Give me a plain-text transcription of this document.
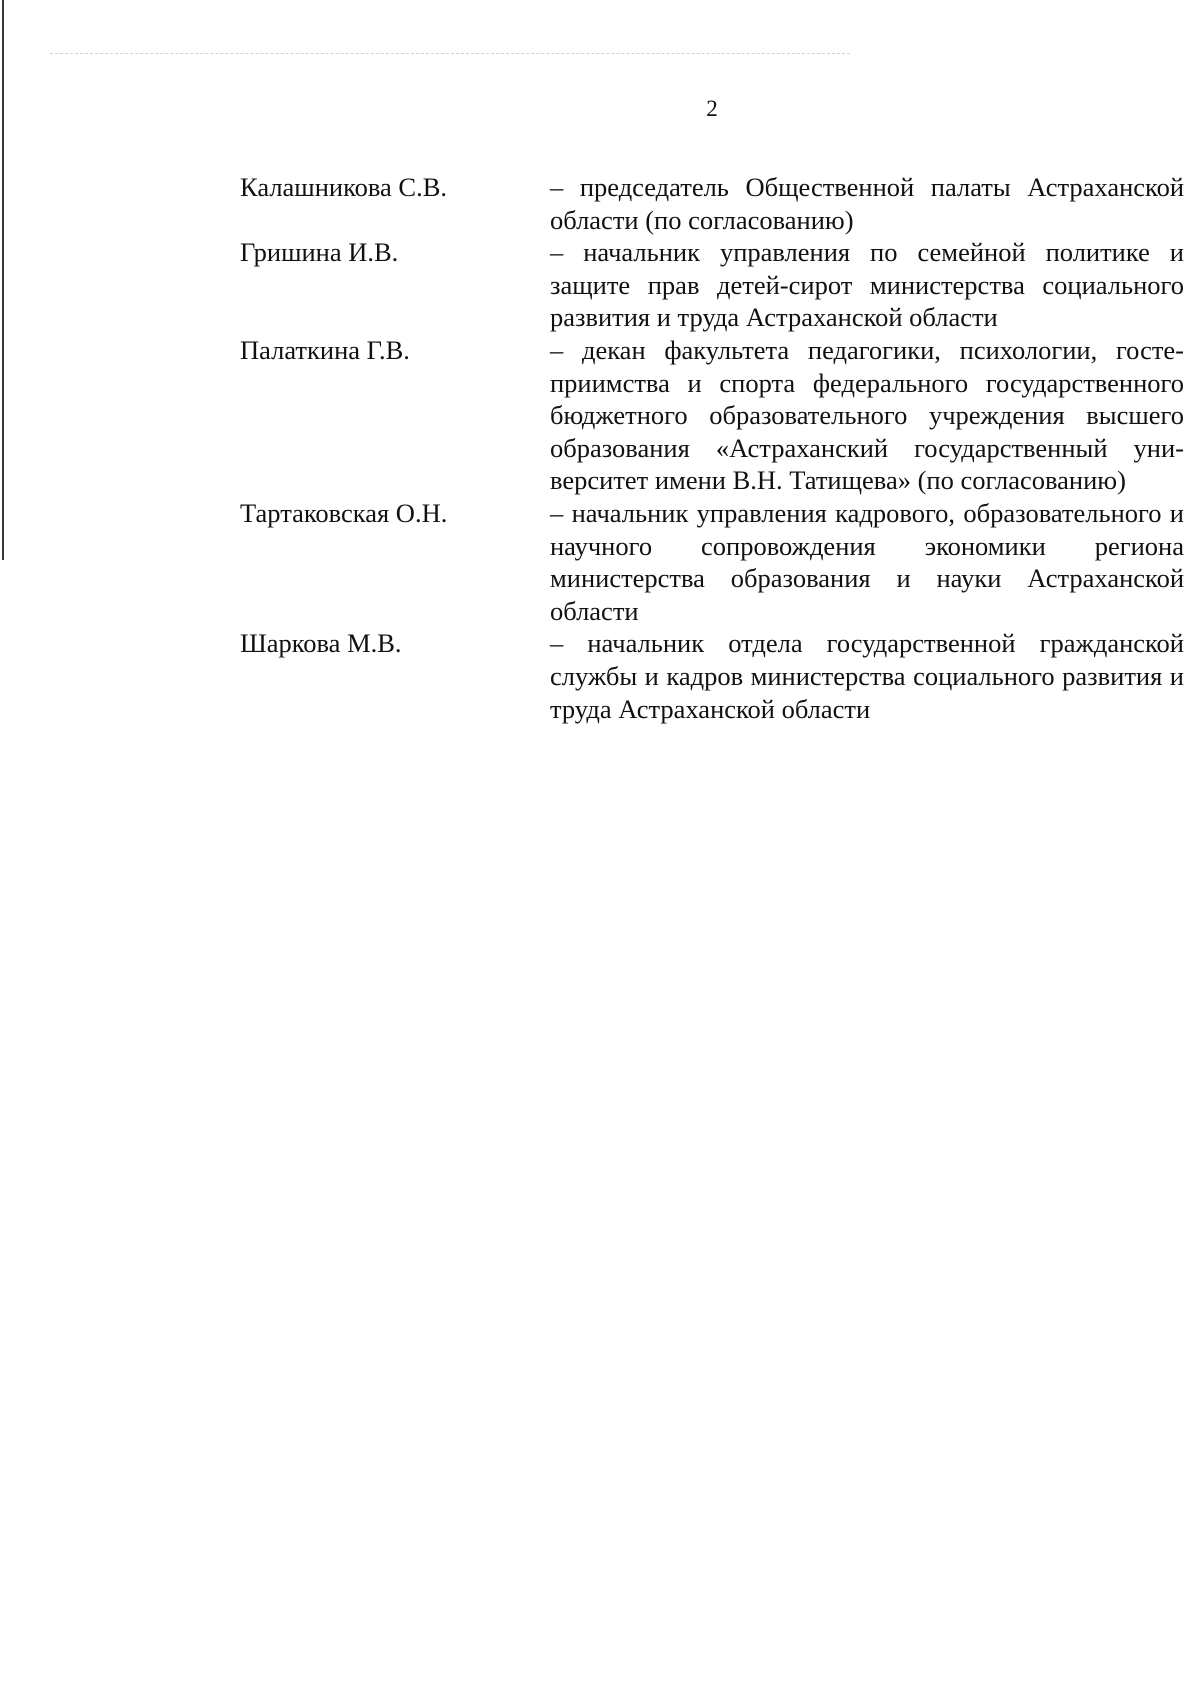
2
Калашникова С.В.	– председатель Общественной палаты Астраханской области (по согласованию)
Гришина И.В.	– начальник управления по семейной политике и защите прав детей-сирот министерства социального развития и труда Астраханской области
Палаткина Г.В.	– декан факультета педагогики, психологии, гостеприимства и спорта федерального государственного бюджетного образовательного учреждения высшего образования «Астраханский государственный университет имени В.Н. Татищева» (по согласованию)
Тартаковская О.Н.	– начальник управления кадрового, образовательного и научного сопровождения экономики региона министерства образования и науки Астраханской области
Шаркова М.В.	– начальник отдела государственной гражданской службы и кадров министерства социального развития и труда Астраханской области
